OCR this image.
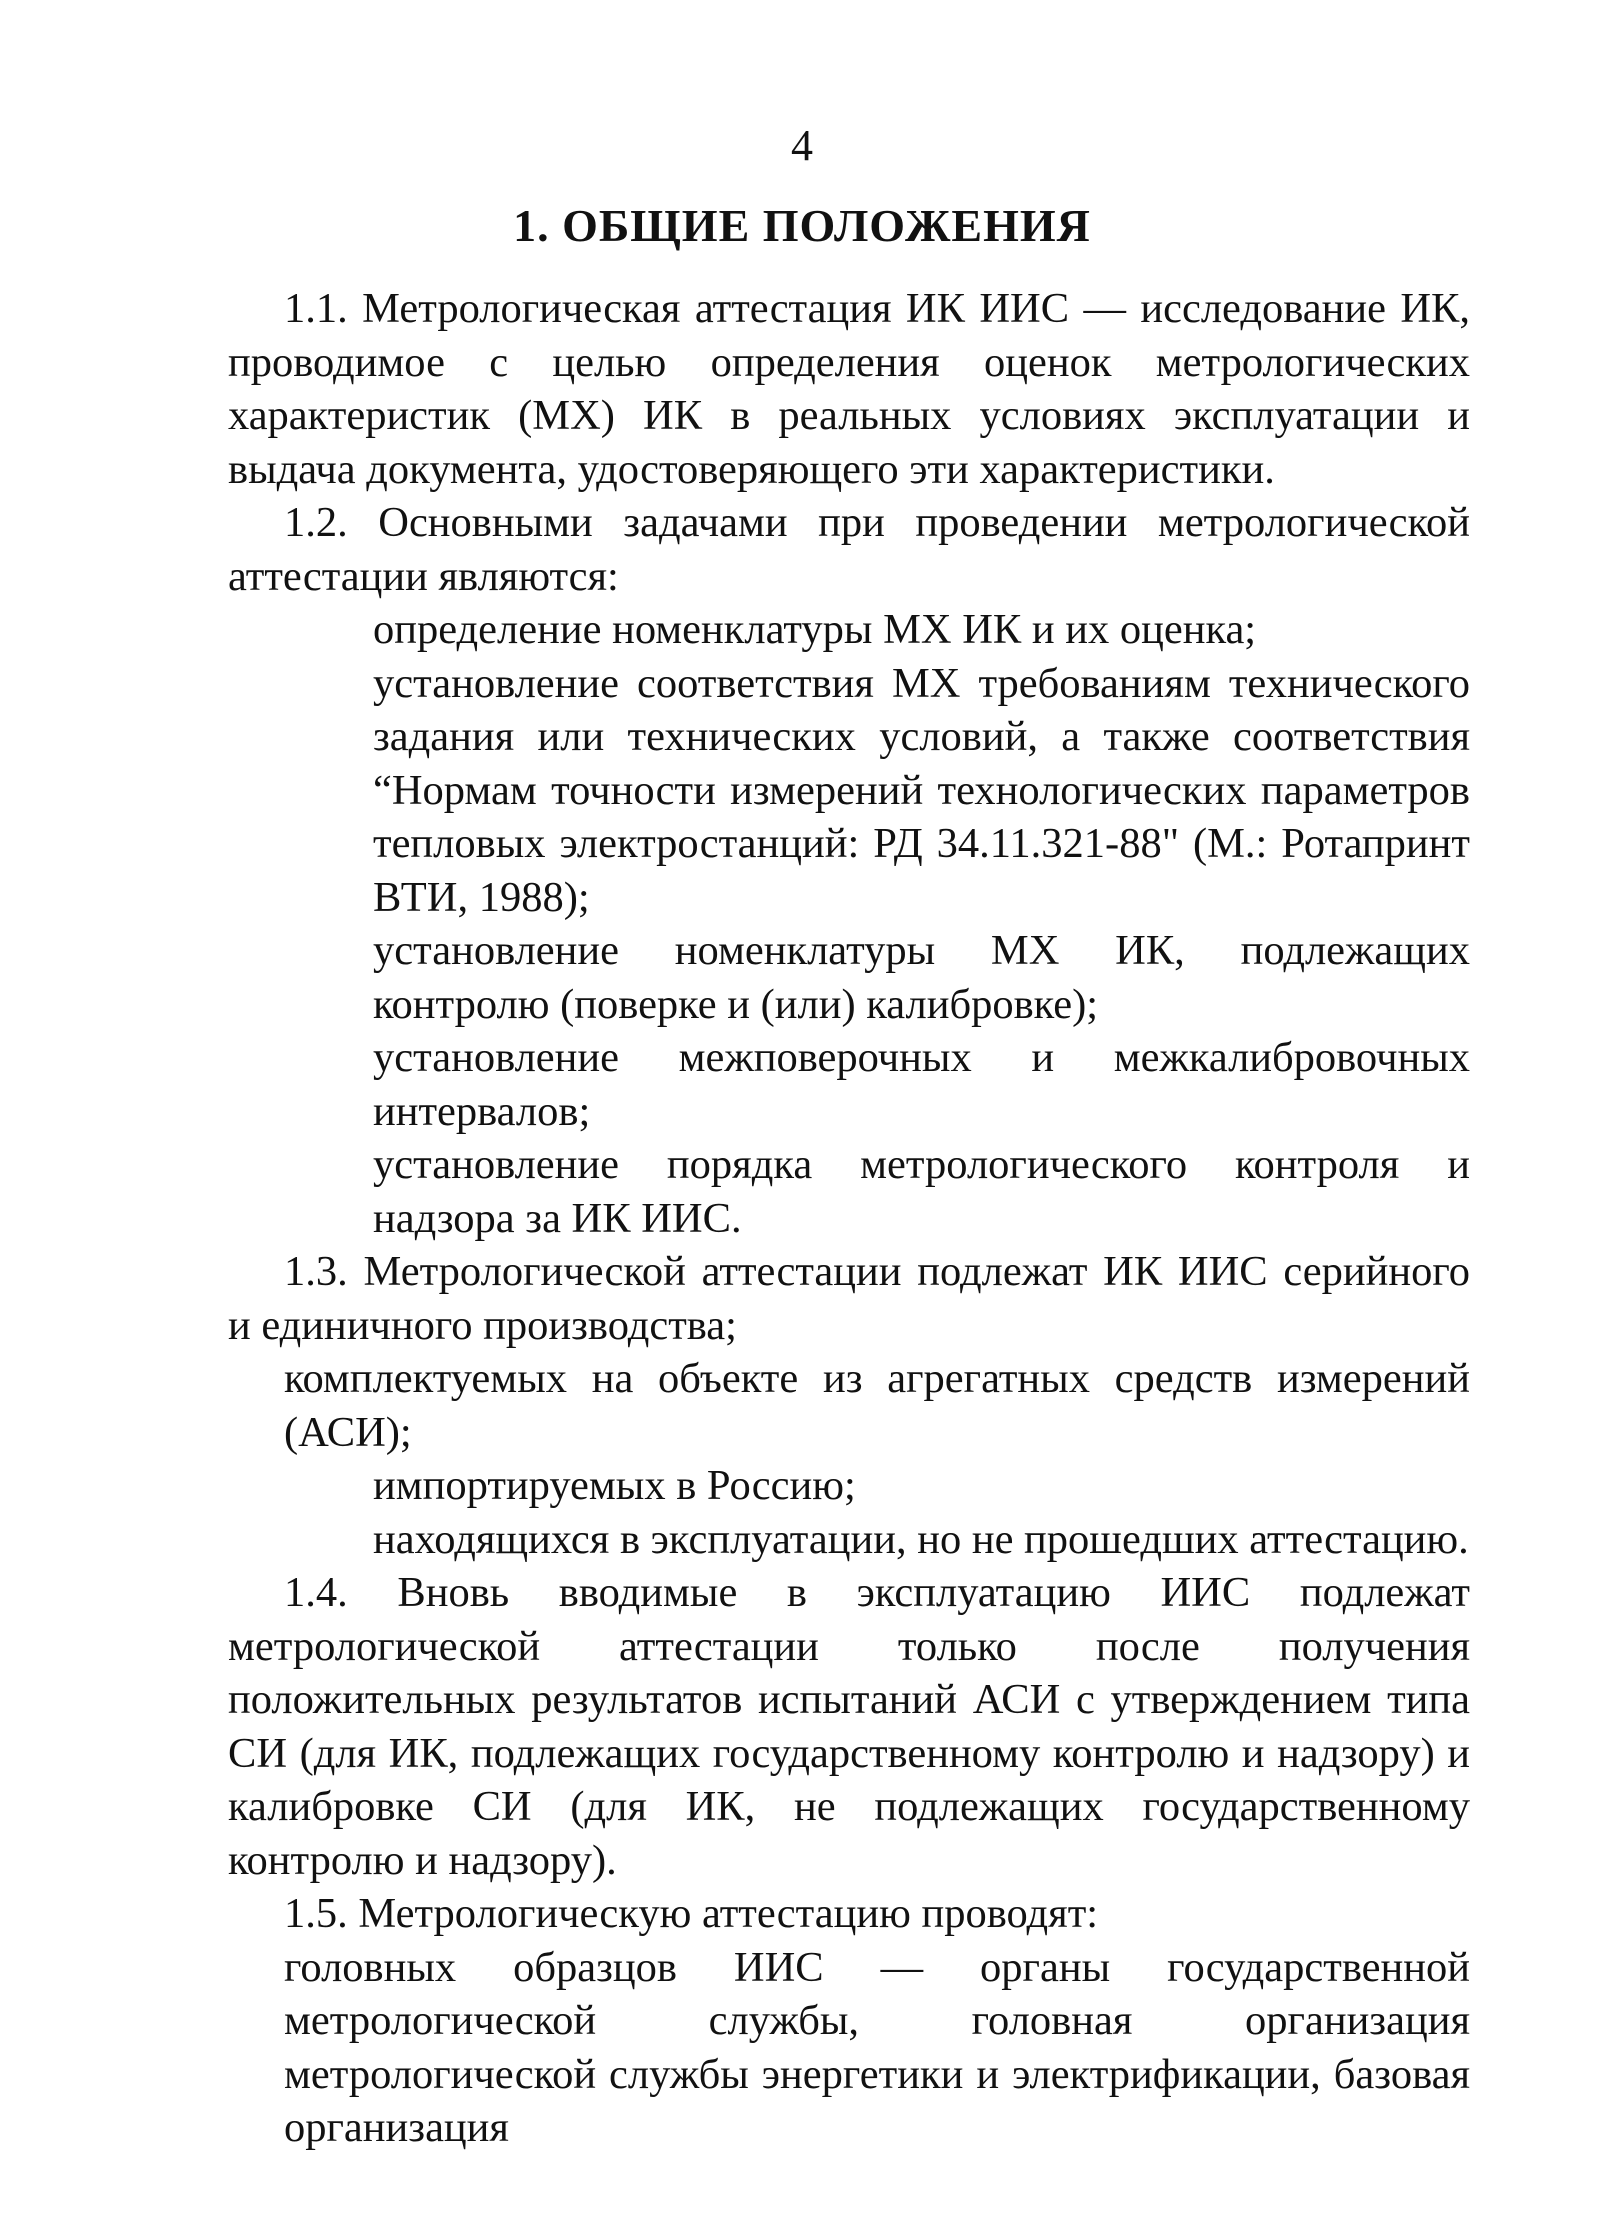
4
1. ОБЩИЕ ПОЛОЖЕНИЯ

1.1. Метрологическая аттестация ИК ИИС — исследование ИК, проводимое с целью определения оценок метрологических характеристик (МХ) ИК в реальных условиях эксплуатации и выдача документа, удостоверяющего эти характеристики.

1.2. Основными задачами при проведении метрологической аттестации являются:

определение номенклатуры МХ ИК и их оценка;

установление соответствия МХ требованиям технического задания или технических условий, а также соответствия “Нормам точности измерений технологических параметров тепловых электростанций: РД 34.11.321-88" (М.: Ротапринт ВТИ, 1988);

установление номенклатуры МХ ИК, подлежащих контролю (поверке и (или) калибровке);

установление межповерочных и межкалибровочных интервалов;

установление порядка метрологического контроля и надзора за ИК ИИС.

1.3. Метрологической аттестации подлежат ИК ИИС серийного и единичного производства;

комплектуемых на объекте из агрегатных средств измерений (АСИ);

импортируемых в Россию;

находящихся в эксплуатации, но не прошедших аттестацию.

1.4. Вновь вводимые в эксплуатацию ИИС подлежат метрологической аттестации только после получения положительных результатов испытаний АСИ с утверждением типа СИ (для ИК, подлежащих государственному контролю и надзору) и калибровке СИ (для ИК, не подлежащих государственному контролю и надзору).

1.5. Метрологическую аттестацию проводят:

головных образцов ИИС — органы государственной метрологической службы, головная организация метрологической службы энергетики и электрификации, базовая организация
